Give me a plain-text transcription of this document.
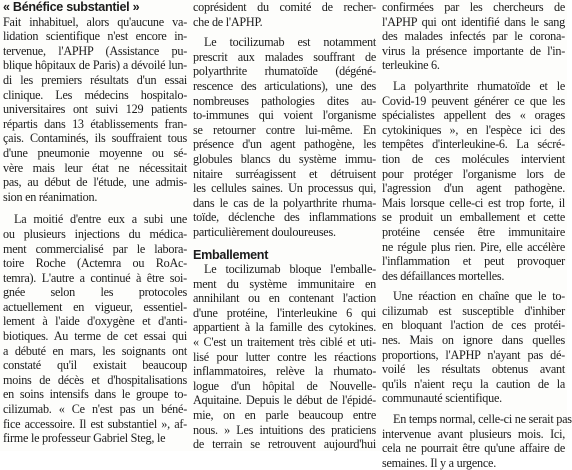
« Bénéfice substantiel »

Fait inhabituel, alors qu'aucune va-

lidation scientifique n'est encore in-

tervenue, l'APHP (Assistance pu-

blique hôpitaux de Paris) a dévoilé lun-

di les premiers résultats d'un essai

clinique. Les médecins hospitalo-

universitaires ont suivi 129 patients

répartis dans 13 établissements fran-

çais. Contaminés, ils souffraient tous

d'une pneumonie moyenne ou sé-

vère mais leur état ne nécessitait

pas, au début de l'étude, une admis-

sion en réanimation.

La moitié d'entre eux a subi une

ou plusieurs injections du médica-

ment commercialisé par le labora-

toire Roche (Actemra ou RoAc-

temra). L'autre a continué à être soi-

gnée selon les protocoles

actuellement en vigueur, essentiel-

lement à l'aide d'oxygène et d'anti-

biotiques. Au terme de cet essai qui

a débuté en mars, les soignants ont

constaté qu'il existait beaucoup

moins de décès et d'hospitalisations

en soins intensifs dans le groupe to-

cilizumab. « Ce n'est pas un béné-

fice accessoire. Il est substantiel », af-

firme le professeur Gabriel Steg, le

coprésident du comité de recher-

che de l'APHP.

Le tocilizumab est notamment

prescrit aux malades souffrant de

polyarthrite rhumatoïde (dégéné-

rescence des articulations), une des

nombreuses pathologies dites au-

to-immunes qui voient l'organisme

se retourner contre lui-même. En

présence d'un agent pathogène, les

globules blancs du système immu-

nitaire surréagissent et détruisent

les cellules saines. Un processus qui,

dans le cas de la polyarthrite rhuma-

toïde, déclenche des inflammations

particulièrement douloureuses.

Emballement

Le tocilizumab bloque l'emballe-

ment du système immunitaire en

annihilant ou en contenant l'action

d'une protéine, l'interleukine 6 qui

appartient à la famille des cytokines.

« C'est un traitement très ciblé et uti-

lisé pour lutter contre les réactions

inflammatoires, relève la rhumato-

logue d'un hôpital de Nouvelle-

Aquitaine. Depuis le début de l'épidé-

mie, on en parle beaucoup entre

nous. » Les intuitions des praticiens

de terrain se retrouvent aujourd'hui

confirmées par les chercheurs de

l'APHP qui ont identifié dans le sang

des malades infectés par le corona-

virus la présence importante de l'in-

terleukine 6.

La polyarthrite rhumatoïde et le

Covid-19 peuvent générer ce que les

spécialistes appellent des « orages

cytokiniques », en l'espèce ici des

tempêtes d'interleukine-6. La sécré-

tion de ces molécules intervient

pour protéger l'organisme lors de

l'agression d'un agent pathogène.

Mais lorsque celle-ci est trop forte, il

se produit un emballement et cette

protéine censée être immunitaire

ne régule plus rien. Pire, elle accélère

l'inflammation et peut provoquer

des défaillances mortelles.

Une réaction en chaîne que le to-

cilizumab est susceptible d'inhiber

en bloquant l'action de ces protéi-

nes. Mais on ignore dans quelles

proportions, l'APHP n'ayant pas dé-

voilé les résultats obtenus avant

qu'ils n'aient reçu la caution de la

communauté scientifique.

En temps normal, celle-ci ne serait pas

intervenue avant plusieurs mois. Ici,

cela ne pourrait être qu'une affaire de

semaines. Il y a urgence.
